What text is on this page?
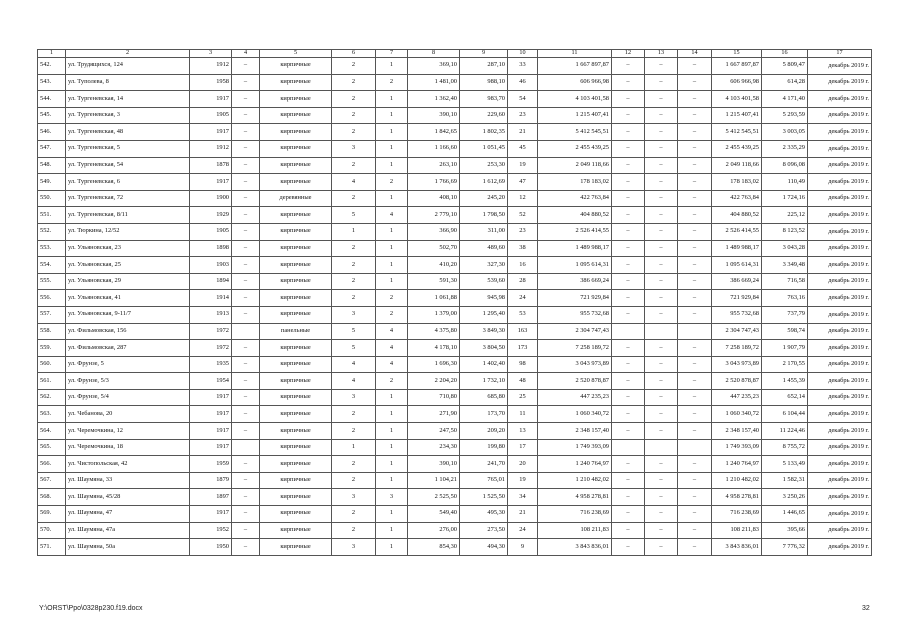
1	2	3	4	5	6	7	8	9	10	11	12	13	14	15	16	17
542.	ул. Трудящихся, 124	1912	–	кирпичные	2	1	369,10	287,10	33	1 667 897,87	–	–	–	1 667 897,87	5 809,47	декабрь 2019 г.
543.	ул. Туполева, 8	1958	–	кирпичные	2	2	1 481,00	988,10	46	606 966,98	–	–	–	606 966,98	614,28	декабрь 2019 г.
544.	ул. Тургеневская, 14	1917	–	кирпичные	2	1	1 362,40	983,70	54	4 103 401,58	–	–	–	4 103 401,58	4 171,40	декабрь 2019 г.
545.	ул. Тургеневская, 3	1905	–	кирпичные	2	1	390,10	229,60	23	1 215 407,41	–	–	–	1 215 407,41	5 293,59	декабрь 2019 г.
546.	ул. Тургеневская, 48	1917	–	кирпичные	2	1	1 842,65	1 802,35	21	5 412 545,51	–	–	–	5 412 545,51	3 003,05	декабрь 2019 г.
547.	ул. Тургеневская, 5	1912	–	кирпичные	3	1	1 166,60	1 051,45	45	2 455 439,25	–	–	–	2 455 439,25	2 335,29	декабрь 2019 г.
548.	ул. Тургеневская, 54	1878	–	кирпичные	2	1	263,10	253,30	19	2 049 118,66	–	–	–	2 049 118,66	8 096,08	декабрь 2019 г.
549.	ул. Тургеневская, 6	1917	–	кирпичные	4	2	1 766,69	1 612,69	47	178 183,02	–	–	–	178 183,02	110,49	декабрь 2019 г.
550.	ул. Тургеневская, 72	1900	–	деревянные	2	1	408,10	245,20	12	422 763,84	–	–	–	422 763,84	1 724,16	декабрь 2019 г.
551.	ул. Тургеневская, 8/11	1929	–	кирпичные	5	4	2 779,10	1 798,50	52	404 880,52	–	–	–	404 880,52	225,12	декабрь 2019 г.
552.	ул. Тюркина, 12/52	1905	–	кирпичные	1	1	366,90	311,00	23	2 526 414,55	–	–	–	2 526 414,55	8 123,52	декабрь 2019 г.
553.	ул. Ульяновская, 23	1898	–	кирпичные	2	1	502,70	489,60	38	1 489 988,17	–	–	–	1 489 988,17	3 043,28	декабрь 2019 г.
554.	ул. Ульяновская, 25	1903	–	кирпичные	2	1	410,20	327,30	16	1 095 614,31	–	–	–	1 095 614,31	3 349,48	декабрь 2019 г.
555.	ул. Ульяновская, 29	1894	–	кирпичные	2	1	591,30	539,60	28	386 669,24	–	–	–	386 669,24	716,58	декабрь 2019 г.
556.	ул. Ульяновская, 41	1914	–	кирпичные	2	2	1 061,88	945,98	24	721 929,84	–	–	–	721 929,84	763,16	декабрь 2019 г.
557.	ул. Ульяновская, 9-11/7	1913	–	кирпичные	3	2	1 379,00	1 295,40	53	955 732,68	–	–	–	955 732,68	737,79	декабрь 2019 г.
558.	ул. Фильмовская, 156	1972		панельные	5	4	4 375,80	3 849,30	163	2 304 747,43				2 304 747,43	598,74	декабрь 2019 г.
559.	ул. Фильмовская, 287	1972	–	кирпичные	5	4	4 178,10	3 804,50	173	7 258 189,72	–	–	–	7 258 189,72	1 907,79	декабрь 2019 г.
560.	ул. Фрунзе, 5	1935	–	кирпичные	4	4	1 696,30	1 402,40	98	3 043 973,89	–	–	–	3 043 973,89	2 170,55	декабрь 2019 г.
561.	ул. Фрунзе, 5/3	1954	–	кирпичные	4	2	2 204,20	1 732,10	48	2 520 878,87	–	–	–	2 520 878,87	1 455,39	декабрь 2019 г.
562.	ул. Фрунзе, 5/4	1917	–	кирпичные	3	1	710,80	685,80	25	447 235,23	–	–	–	447 235,23	652,14	декабрь 2019 г.
563.	ул. Чебанова, 20	1917	–	кирпичные	2	1	271,90	173,70	11	1 060 340,72	–	–	–	1 060 340,72	6 104,44	декабрь 2019 г.
564.	ул. Черемочкина, 12	1917	–	кирпичные	2	1	247,50	209,20	13	2 348 157,40	–	–	–	2 348 157,40	11 224,46	декабрь 2019 г.
565.	ул. Черемочкина, 18	1917		кирпичные	1	1	234,30	199,80	17	1 749 393,09				1 749 393,09	8 755,72	декабрь 2019 г.
566.	ул. Чистопольская, 42	1959	–	кирпичные	2	1	390,10	241,70	20	1 240 764,97	–	–	–	1 240 764,97	5 133,49	декабрь 2019 г.
567.	ул. Шаумяна, 33	1879	–	кирпичные	2	1	1 104,21	765,01	19	1 210 482,02	–	–	–	1 210 482,02	1 582,31	декабрь 2019 г.
568.	ул. Шаумяна, 45/28	1897	–	кирпичные	3	3	2 525,50	1 525,50	34	4 958 278,81	–	–	–	4 958 278,81	3 250,26	декабрь 2019 г.
569.	ул. Шаумяна, 47	1917	–	кирпичные	2	1	549,40	495,30	21	716 238,69	–	–	–	716 238,69	1 446,65	декабрь 2019 г.
570.	ул. Шаумяна, 47а	1952	–	кирпичные	2	1	276,00	273,50	24	108 211,83	–	–	–	108 211,83	395,66	декабрь 2019 г.
571.	ул. Шаумяна, 50а	1950	–	кирпичные	3	1	854,30	494,30	9	3 843 836,01	–	–	–	3 843 836,01	7 776,32	декабрь 2019 г.
Y:\ORST\Ppo\0328p230.f19.docx	32
